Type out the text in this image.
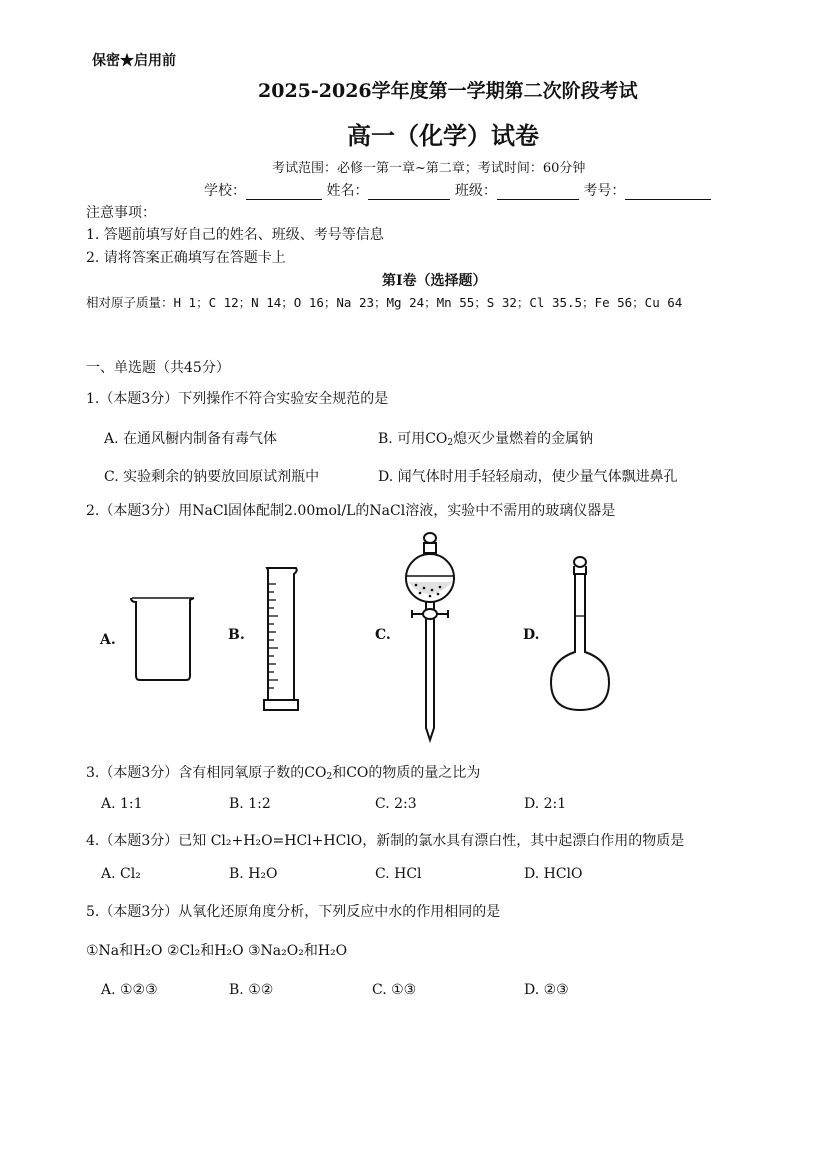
保密★启用前
2025-2026学年度第一学期第二次阶段考试
高一（化学）试卷
考试范围：必修一第一章~第二章；考试时间：60分钟
学校：	姓名：	班级：	考号：
注意事项：
1. 答题前填写好自己的姓名、班级、考号等信息
2. 请将答案正确填写在答题卡上
第I卷（选择题）
相对原子质量：H 1；C 12；N 14；O 16；Na 23；Mg 24；Mn 55；S 32；Cl 35.5；Fe 56；Cu 64
一、单选题（共45分）
1.（本题3分）下列操作不符合实验安全规范的是
A. 在通风橱内制备有毒气体	B. 可用$CO_2$熄灭少量燃着的金属钠
C. 实验剩余的钠要放回原试剂瓶中	D. 闻气体时用手轻轻扇动，使少量气体飘进鼻孔
2.（本题3分）用NaCl固体配制2.00mol/L的NaCl溶液，实验中不需用的玻璃仪器是
A.	B.	C.	D.
3.（本题3分）含有相同氧原子数的$CO_2$和CO的物质的量之比为
A. 1:1	B. 1:2	C. 2:3	D. 2:1
4.（本题3分）已知 Cl₂+H₂O=HCl+HClO，新制的氯水具有漂白性，其中起漂白作用的物质是
A. Cl₂	B. H₂O	C. HCl	D. HClO
5.（本题3分）从氧化还原角度分析，下列反应中水的作用相同的是
①Na和H₂O ②Cl₂和H₂O ③Na₂O₂和H₂O
A. ①②③	B. ①②	C. ①③	D. ②③
